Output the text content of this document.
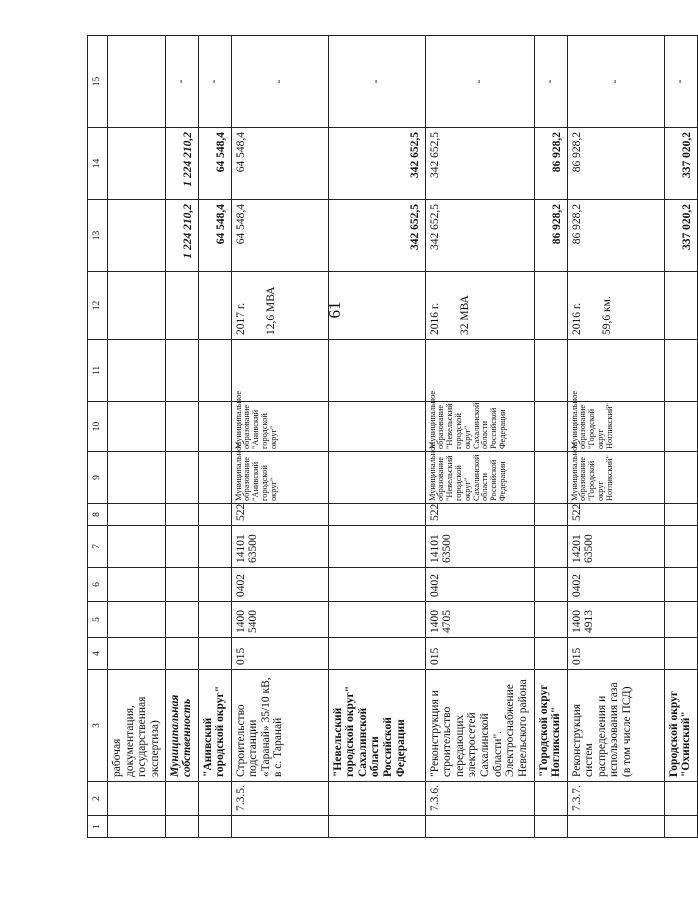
61
1	2	3	4	5	6	7	8	9	10	11	12	13	14	15
		рабочая документация, государственная экспертиза)												
		Муниципальная собственность										1 224 210,2	1 224 210,2	-
		"Анивский городской округ"										64 548,4	64 548,4	-
	7.3.5.	Строительство подстанции «Таранай» 35/10 кВ, в с. Таранай	015	1400 5400	0402	14101 63500	522	Муниципальное образование "Анивский городской округ"	Муниципальное образование "Анивский городской округ"		2017 г. 12,6 МВА	64 548,4	64 548,4	-
		"Невельский городской округ" Сахалинской области Российской Федерации										342 652,5	342 652,5	-
	7.3.6.	"Реконструкция и строительство передающих электросетей Сахалинской области". Электроснабжение Невельского района	015	1400 4705	0402	14101 63500	522	Муниципальное образование "Невельский городской округ" Сахалинской области Российской Федерации	Муниципальное образование "Невельский городской округ" Сахалинской области Российской Федерации		2016 г. 32 МВА	342 652,5	342 652,5	-
		"Городской округ Ногликский"										86 928,2	86 928,2	-
	7.3.7.	Реконструкция систем распределения и использования газа (в том числе ПСД)	015	1400 4913	0402	14201 63500	522	Муниципальное образование "Городской округ Ногликский"	Муниципальное образование "Городской округ Ногликский"		2016 г. 59,6 км.	86 928,2	86 928,2	-
		Городской округ "Охинский"										337 020,2	337 020,2	-
